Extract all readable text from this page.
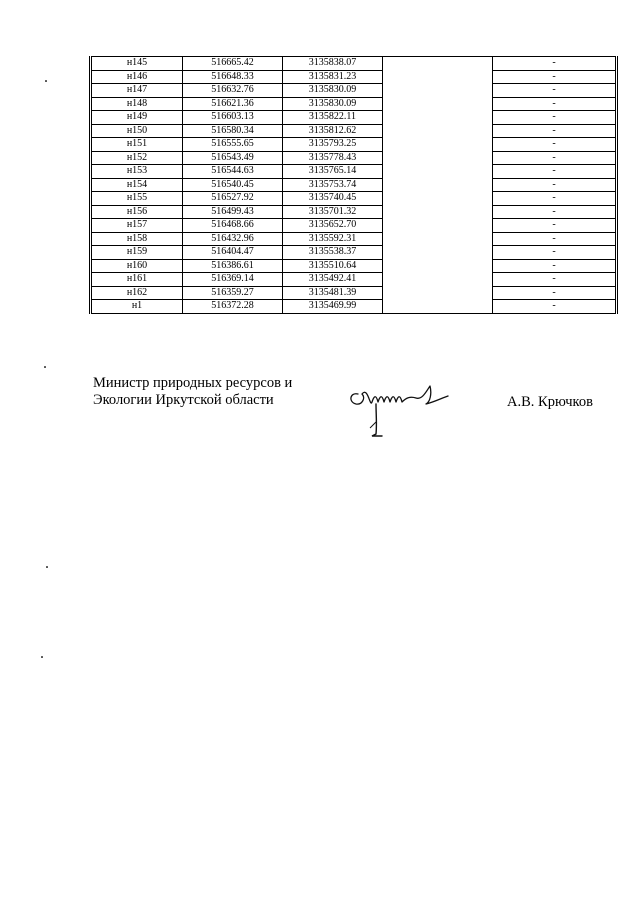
н145	516665.42	3135838.07		-
н146	516648.33	3135831.23		-
н147	516632.76	3135830.09		-
н148	516621.36	3135830.09		-
н149	516603.13	3135822.11		-
н150	516580.34	3135812.62		-
н151	516555.65	3135793.25		-
н152	516543.49	3135778.43		-
н153	516544.63	3135765.14		-
н154	516540.45	3135753.74		-
н155	516527.92	3135740.45		-
н156	516499.43	3135701.32		-
н157	516468.66	3135652.70		-
н158	516432.96	3135592.31		-
н159	516404.47	3135538.37		-
н160	516386.61	3135510.64		-
н161	516369.14	3135492.41		-
н162	516359.27	3135481.39		-
н1	516372.28	3135469.99		-
Министр природных ресурсов и
Экологии Иркутской области	А.В. Крючков
